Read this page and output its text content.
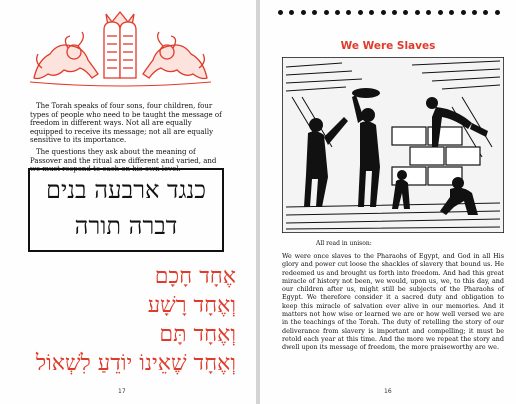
The Torah speaks of four sons, four children, four types of people who need to be taught the message of freedom in different ways. Not all are equally equipped to receive its message; not all are equally sensitive to its importance.

The questions they ask about the meaning of Passover and the ritual are different and varied, and we must respond to each on his own level.

כנגד ארבעה בנים
דברה תורה
אֶחָד חָכָם
וְאֶחָד רָשָׁע
וְאֶחָד תָּם
וְאֶחָד שֶׁאֵינוֹ יוֹדֵעַ לִשְׁאוֹל
17
We Were Slaves
All read in unison:
We were once slaves to the Pharaohs of Egypt, and God in all His glory and power cut loose the shackles of slavery that bound us. He redeemed us and brought us forth into freedom. And had this great miracle of history not been, we would, upon us, we, to this day, and our children after us, might still be subjects of the Pharaohs of Egypt. We therefore consider it a sacred duty and obligation to keep this miracle of salvation ever alive in our memories. And it matters not how wise or learned we are or how well versed we are in the teachings of the Torah. The duty of retelling the story of our deliverance from slavery is important and compelling; it must be retold each year at this time. And the more we repeat the story and dwell upon its message of freedom, the more praiseworthy are we.
16
